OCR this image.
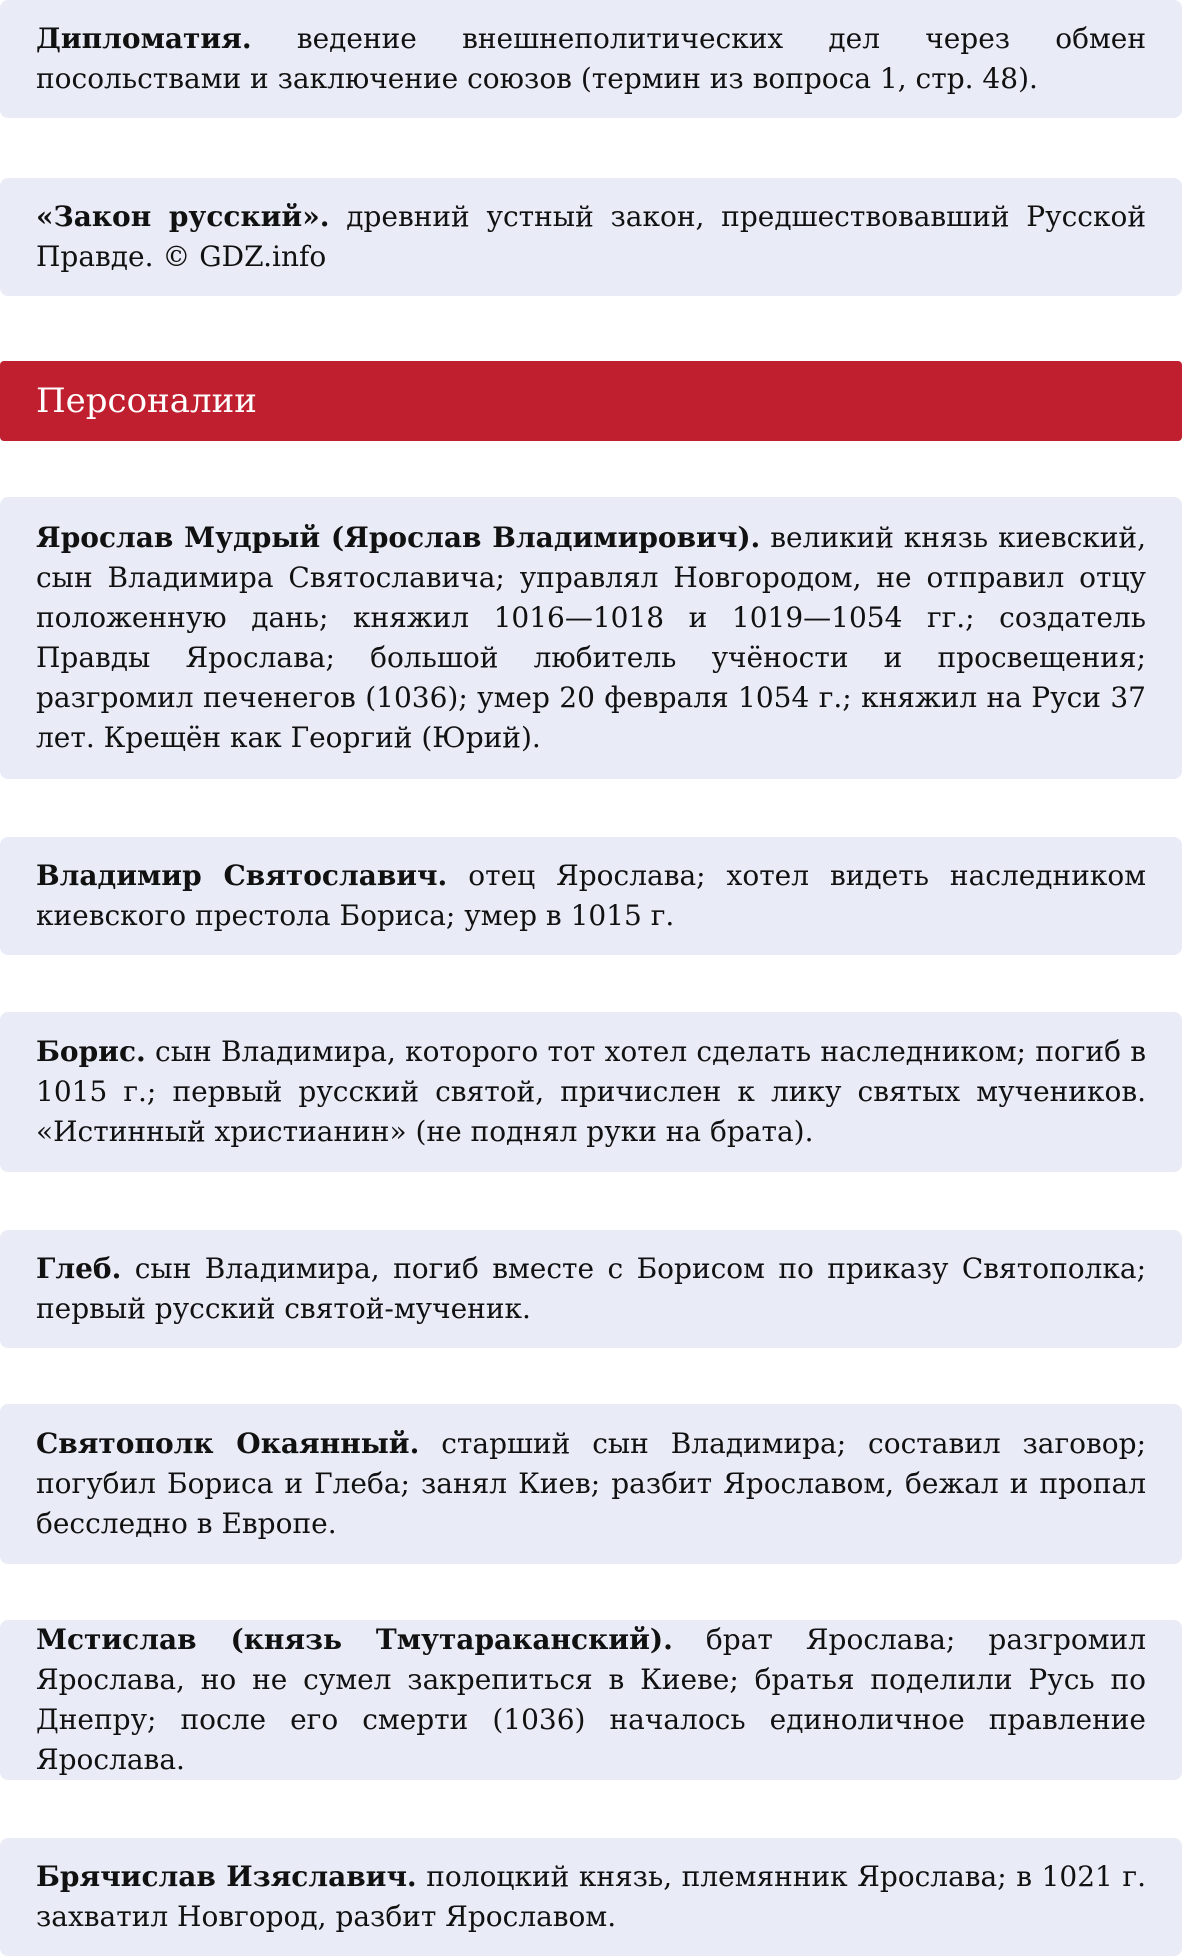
Дипломатия. ведение внешнеполитических дел через обмен посольствами и заключение союзов (термин из вопроса 1, стр. 48).

«Закон русский». древний устный закон, предшествовавший Русской Правде. © GDZ.info

Персоналии

Ярослав Мудрый (Ярослав Владимирович). великий князь киевский, сын Владимира Святославича; управлял Новгородом, не отправил отцу положенную дань; княжил 1016—1018 и 1019—1054 гг.; создатель Правды Ярослава; большой любитель учёности и просвещения; разгромил печенегов (1036); умер 20 февраля 1054 г.; княжил на Руси 37 лет. Крещён как Георгий (Юрий).

Владимир Святославич. отец Ярослава; хотел видеть наследником киевского престола Бориса; умер в 1015 г.

Борис. сын Владимира, которого тот хотел сделать наследником; погиб в 1015 г.; первый русский святой, причислен к лику святых мучеников. «Истинный христианин» (не поднял руки на брата).

Глеб. сын Владимира, погиб вместе с Борисом по приказу Святополка; первый русский святой-мученик.

Святополк Окаянный. старший сын Владимира; составил заговор; погубил Бориса и Глеба; занял Киев; разбит Ярославом, бежал и пропал бесследно в Европе.

Мстислав (князь Тмутараканский). брат Ярослава; разгромил Ярослава, но не сумел закрепиться в Киеве; братья поделили Русь по Днепру; после его смерти (1036) началось единоличное правление Ярослава.

Брячислав Изяславич. полоцкий князь, племянник Ярослава; в 1021 г. захватил Новгород, разбит Ярославом.
